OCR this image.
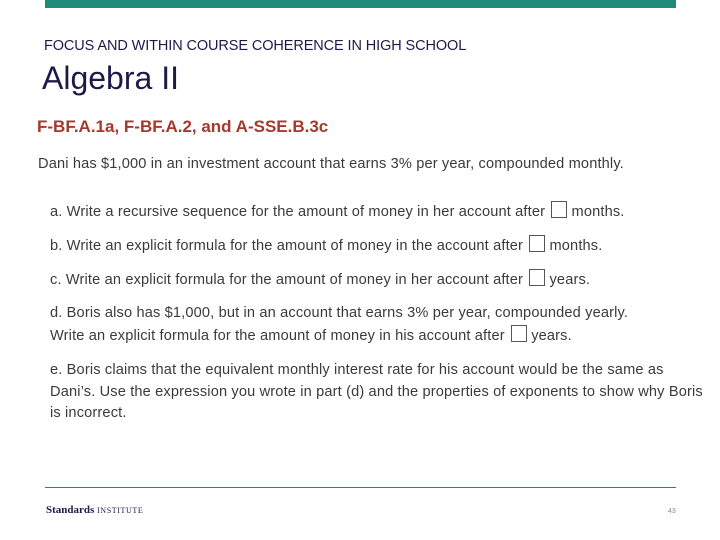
FOCUS AND WITHIN COURSE COHERENCE IN HIGH SCHOOL
Algebra II
F-BF.A.1a, F-BF.A.2, and A-SSE.B.3c
Dani has $1,000 in an investment account that earns 3% per year, compounded monthly.
a. Write a recursive sequence for the amount of money in her account after months.
b. Write an explicit formula for the amount of money in the account after months.
c. Write an explicit formula for the amount of money in her account after years.
d. Boris also has $1,000, but in an account that earns 3% per year, compounded yearly.
Write an explicit formula for the amount of money in his account after years.
e. Boris claims that the equivalent monthly interest rate for his account would be the same as Dani’s. Use the expression you wrote in part (d) and the properties of exponents to show why Boris is incorrect.
Standards INSTITUTE	43
